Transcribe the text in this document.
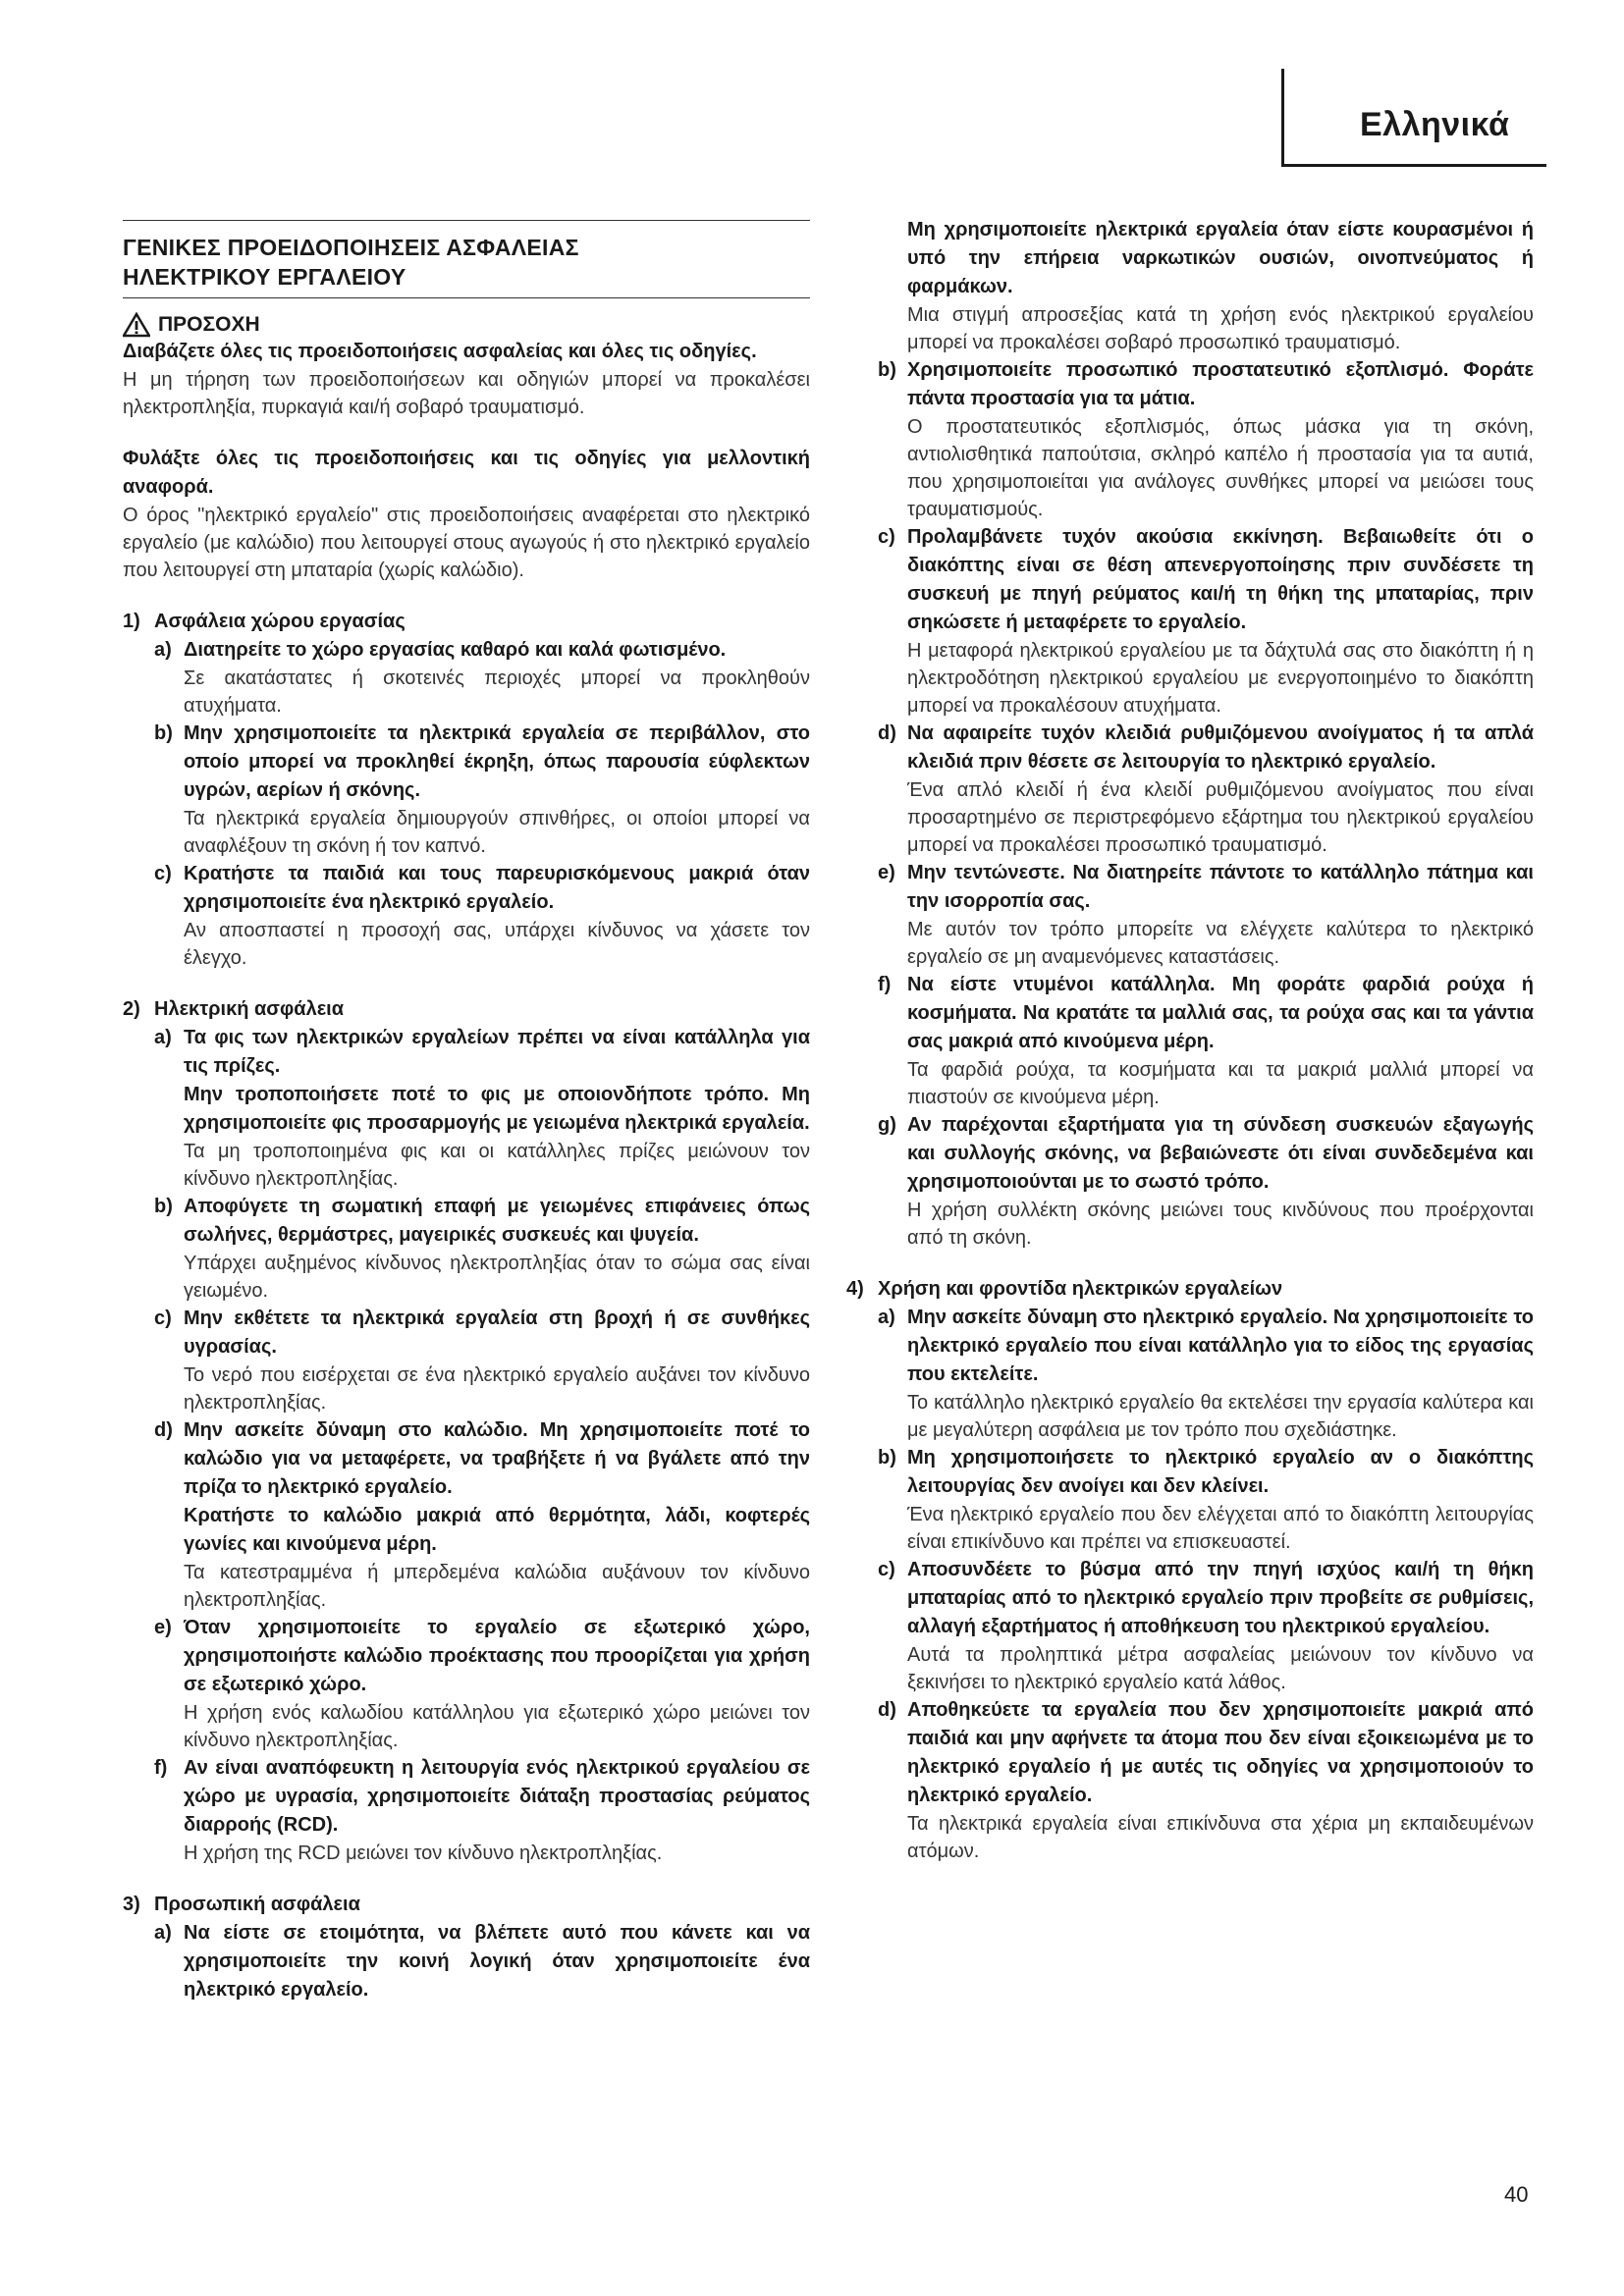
Ελληνικά
ΓΕΝΙΚΕΣ ΠΡΟΕΙΔΟΠΟΙΗΣΕΙΣ ΑΣΦΑΛΕΙΑΣ
ΗΛΕΚΤΡΙΚΟΥ ΕΡΓΑΛΕΙΟΥ
ΠΡΟΣΟΧΗ

Διαβάζετε όλες τις προειδοποιήσεις ασφαλείας και όλες τις οδηγίες.

Η μη τήρηση των προειδοποιήσεων και οδηγιών μπορεί να προκαλέσει ηλεκτροπληξία, πυρκαγιά και/ή σοβαρό τραυματισμό.

Φυλάξτε όλες τις προειδοποιήσεις και τις οδηγίες για μελλοντική αναφορά.

Ο όρος "ηλεκτρικό εργαλείο" στις προειδοποιήσεις αναφέρεται στο ηλεκτρικό εργαλείο (με καλώδιο) που λειτουργεί στους αγωγούς ή στο ηλεκτρικό εργαλείο που λειτουργεί στη μπαταρία (χωρίς καλώδιο).

1) Ασφάλεια χώρου εργασίας

a) Διατηρείτε το χώρο εργασίας καθαρό και καλά φωτισμένο.

Σε ακατάστατες ή σκοτεινές περιοχές μπορεί να προκληθούν ατυχήματα.

b) Μην χρησιμοποιείτε τα ηλεκτρικά εργαλεία σε περιβάλλον, στο οποίο μπορεί να προκληθεί έκρηξη, όπως παρουσία εύφλεκτων υγρών, αερίων ή σκόνης.

Τα ηλεκτρικά εργαλεία δημιουργούν σπινθήρες, οι οποίοι μπορεί να αναφλέξουν τη σκόνη ή τον καπνό.

c) Κρατήστε τα παιδιά και τους παρευρισκόμενους μακριά όταν χρησιμοποιείτε ένα ηλεκτρικό εργαλείο.

Αν αποσπαστεί η προσοχή σας, υπάρχει κίνδυνος να χάσετε τον έλεγχο.

2) Ηλεκτρική ασφάλεια

a) Τα φις των ηλεκτρικών εργαλείων πρέπει να είναι κατάλληλα για τις πρίζες.

Μην τροποποιήσετε ποτέ το φις με οποιονδήποτε τρόπο. Μη χρησιμοποιείτε φις προσαρμογής με γειωμένα ηλεκτρικά εργαλεία.

Τα μη τροποποιημένα φις και οι κατάλληλες πρίζες μειώνουν τον κίνδυνο ηλεκτροπληξίας.

b) Αποφύγετε τη σωματική επαφή με γειωμένες επιφάνειες όπως σωλήνες, θερμάστρες, μαγειρικές συσκευές και ψυγεία.

Υπάρχει αυξημένος κίνδυνος ηλεκτροπληξίας όταν το σώμα σας είναι γειωμένο.

c) Μην εκθέτετε τα ηλεκτρικά εργαλεία στη βροχή ή σε συνθήκες υγρασίας.

Το νερό που εισέρχεται σε ένα ηλεκτρικό εργαλείο αυξάνει τον κίνδυνο ηλεκτροπληξίας.

d) Μην ασκείτε δύναμη στο καλώδιο. Μη χρησιμοποιείτε ποτέ το καλώδιο για να μεταφέρετε, να τραβήξετε ή να βγάλετε από την πρίζα το ηλεκτρικό εργαλείο.

Κρατήστε το καλώδιο μακριά από θερμότητα, λάδι, κοφτερές γωνίες και κινούμενα μέρη.

Τα κατεστραμμένα ή μπερδεμένα καλώδια αυξάνουν τον κίνδυνο ηλεκτροπληξίας.

e) Όταν χρησιμοποιείτε το εργαλείο σε εξωτερικό χώρο, χρησιμοποιήστε καλώδιο προέκτασης που προορίζεται για χρήση σε εξωτερικό χώρο.

Η χρήση ενός καλωδίου κατάλληλου για εξωτερικό χώρο μειώνει τον κίνδυνο ηλεκτροπληξίας.

f) Αν είναι αναπόφευκτη η λειτουργία ενός ηλεκτρικού εργαλείου σε χώρο με υγρασία, χρησιμοποιείτε διάταξη προστασίας ρεύματος διαρροής (RCD).

Η χρήση της RCD μειώνει τον κίνδυνο ηλεκτροπληξίας.

3) Προσωπική ασφάλεια

a) Να είστε σε ετοιμότητα, να βλέπετε αυτό που κάνετε και να χρησιμοποιείτε την κοινή λογική όταν χρησιμοποιείτε ένα ηλεκτρικό εργαλείο.

Μη χρησιμοποιείτε ηλεκτρικά εργαλεία όταν είστε κουρασμένοι ή υπό την επήρεια ναρκωτικών ουσιών, οινοπνεύματος ή φαρμάκων.

Μια στιγμή απροσεξίας κατά τη χρήση ενός ηλεκτρικού εργαλείου μπορεί να προκαλέσει σοβαρό προσωπικό τραυματισμό.

b) Χρησιμοποιείτε προσωπικό προστατευτικό εξοπλισμό. Φοράτε πάντα προστασία για τα μάτια.

Ο προστατευτικός εξοπλισμός, όπως μάσκα για τη σκόνη, αντιολισθητικά παπούτσια, σκληρό καπέλο ή προστασία για τα αυτιά, που χρησιμοποιείται για ανάλογες συνθήκες μπορεί να μειώσει τους τραυματισμούς.

c) Προλαμβάνετε τυχόν ακούσια εκκίνηση. Βεβαιωθείτε ότι ο διακόπτης είναι σε θέση απενεργοποίησης πριν συνδέσετε τη συσκευή με πηγή ρεύματος και/ή τη θήκη της μπαταρίας, πριν σηκώσετε ή μεταφέρετε το εργαλείο.

Η μεταφορά ηλεκτρικού εργαλείου με τα δάχτυλά σας στο διακόπτη ή η ηλεκτροδότηση ηλεκτρικού εργαλείου με ενεργοποιημένο το διακόπτη μπορεί να προκαλέσουν ατυχήματα.

d) Να αφαιρείτε τυχόν κλειδιά ρυθμιζόμενου ανοίγματος ή τα απλά κλειδιά πριν θέσετε σε λειτουργία το ηλεκτρικό εργαλείο.

Ένα απλό κλειδί ή ένα κλειδί ρυθμιζόμενου ανοίγματος που είναι προσαρτημένο σε περιστρεφόμενο εξάρτημα του ηλεκτρικού εργαλείου μπορεί να προκαλέσει προσωπικό τραυματισμό.

e) Μην τεντώνεστε. Να διατηρείτε πάντοτε το κατάλληλο πάτημα και την ισορροπία σας.

Με αυτόν τον τρόπο μπορείτε να ελέγχετε καλύτερα το ηλεκτρικό εργαλείο σε μη αναμενόμενες καταστάσεις.

f) Να είστε ντυμένοι κατάλληλα. Μη φοράτε φαρδιά ρούχα ή κοσμήματα. Να κρατάτε τα μαλλιά σας, τα ρούχα σας και τα γάντια σας μακριά από κινούμενα μέρη.

Τα φαρδιά ρούχα, τα κοσμήματα και τα μακριά μαλλιά μπορεί να πιαστούν σε κινούμενα μέρη.

g) Αν παρέχονται εξαρτήματα για τη σύνδεση συσκευών εξαγωγής και συλλογής σκόνης, να βεβαιώνεστε ότι είναι συνδεδεμένα και χρησιμοποιούνται με το σωστό τρόπο.

Η χρήση συλλέκτη σκόνης μειώνει τους κινδύνους που προέρχονται από τη σκόνη.

4) Χρήση και φροντίδα ηλεκτρικών εργαλείων

a) Μην ασκείτε δύναμη στο ηλεκτρικό εργαλείο. Να χρησιμοποιείτε το ηλεκτρικό εργαλείο που είναι κατάλληλο για το είδος της εργασίας που εκτελείτε.

Το κατάλληλο ηλεκτρικό εργαλείο θα εκτελέσει την εργασία καλύτερα και με μεγαλύτερη ασφάλεια με τον τρόπο που σχεδιάστηκε.

b) Μη χρησιμοποιήσετε το ηλεκτρικό εργαλείο αν ο διακόπτης λειτουργίας δεν ανοίγει και δεν κλείνει.

Ένα ηλεκτρικό εργαλείο που δεν ελέγχεται από το διακόπτη λειτουργίας είναι επικίνδυνο και πρέπει να επισκευαστεί.

c) Αποσυνδέετε το βύσμα από την πηγή ισχύος και/ή τη θήκη μπαταρίας από το ηλεκτρικό εργαλείο πριν προβείτε σε ρυθμίσεις, αλλαγή εξαρτήματος ή αποθήκευση του ηλεκτρικού εργαλείου.

Αυτά τα προληπτικά μέτρα ασφαλείας μειώνουν τον κίνδυνο να ξεκινήσει το ηλεκτρικό εργαλείο κατά λάθος.

d) Αποθηκεύετε τα εργαλεία που δεν χρησιμοποιείτε μακριά από παιδιά και μην αφήνετε τα άτομα που δεν είναι εξοικειωμένα με το ηλεκτρικό εργαλείο ή με αυτές τις οδηγίες να χρησιμοποιούν το ηλεκτρικό εργαλείο.

Τα ηλεκτρικά εργαλεία είναι επικίνδυνα στα χέρια μη εκπαιδευμένων ατόμων.

40
